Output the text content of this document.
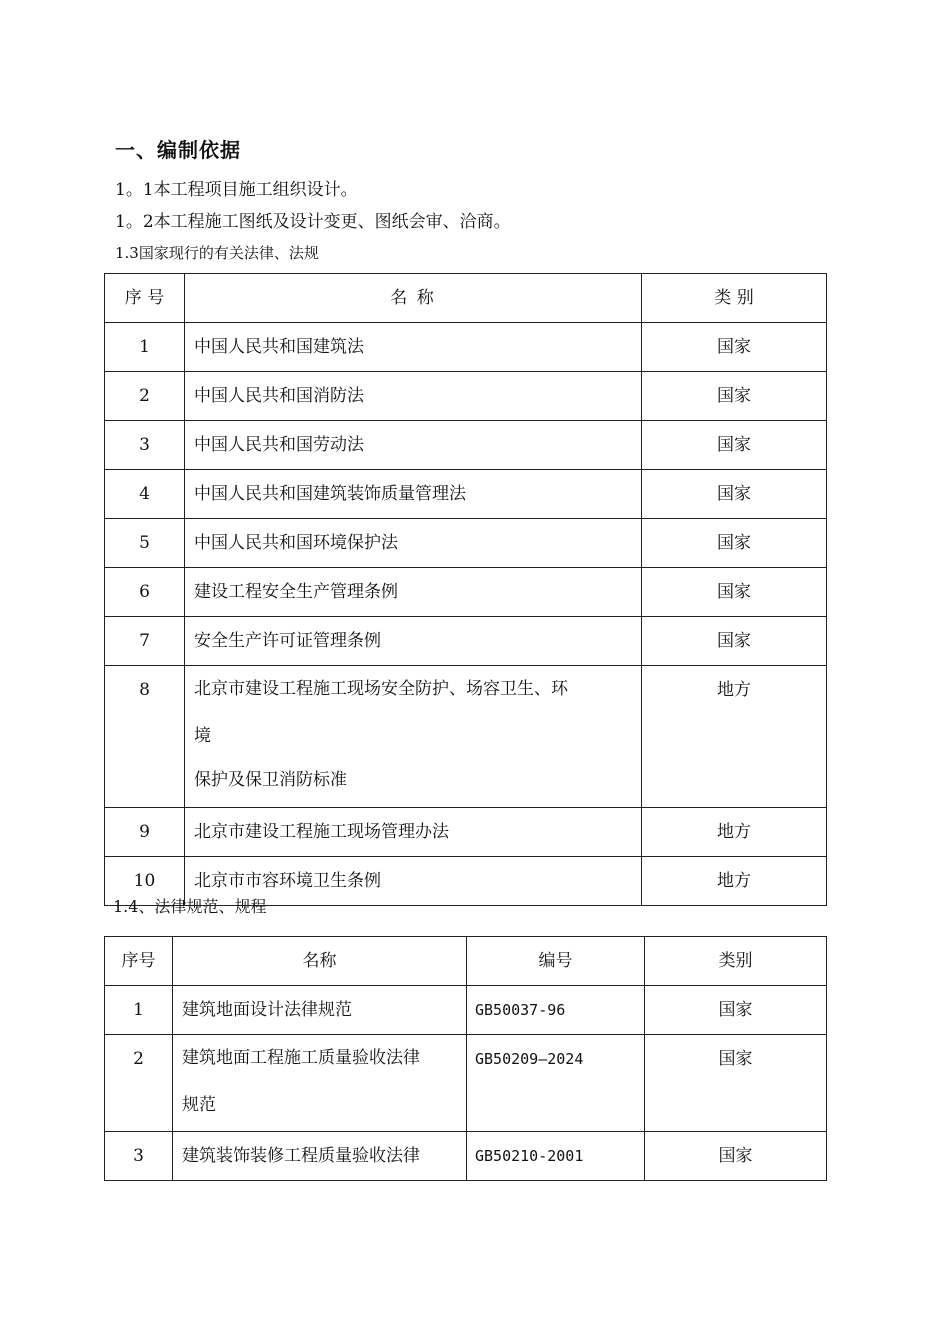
一、编制依据
1。1本工程项目施工组织设计。
1。2本工程施工图纸及设计变更、图纸会审、洽商。
1.3国家现行的有关法律、法规
序 号	名 称	类 别
1	中国人民共和国建筑法	国家
2	中国人民共和国消防法	国家
3	中国人民共和国劳动法	国家
4	中国人民共和国建筑装饰质量管理法	国家
5	中国人民共和国环境保护法	国家
6	建设工程安全生产管理条例	国家
7	安全生产许可证管理条例	国家
8	北京市建设工程施工现场安全防护、场容卫生、环
境
保护及保卫消防标准	地方
9	北京市建设工程施工现场管理办法	地方
10	北京市市容环境卫生条例	地方
1.4、法律规范、规程
序号	名称	编号	类别
1	建筑地面设计法律规范	GB50037-96	国家
2	建筑地面工程施工质量验收法律
规范	GB50209—2024	国家
3	建筑装饰装修工程质量验收法律	GB50210-2001	国家
